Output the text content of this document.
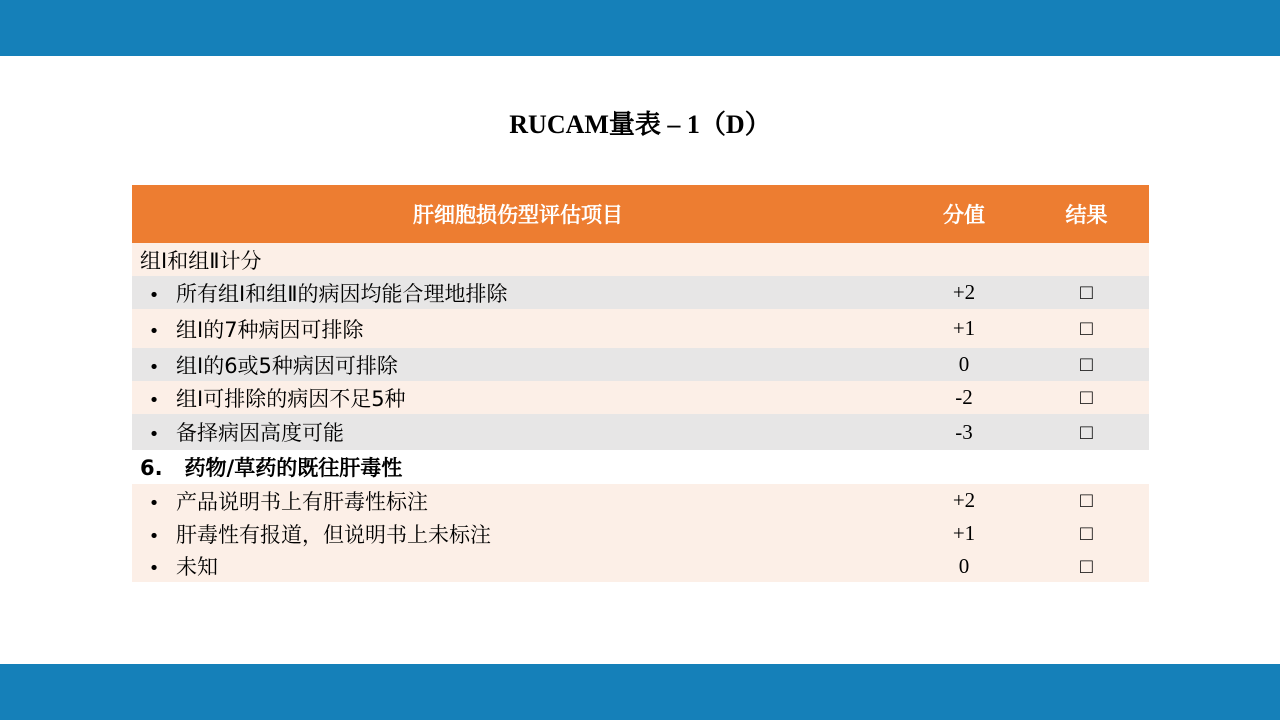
RUCAM量表 – 1（D）
肝细胞损伤型评估项目	分值	结果
组Ⅰ和组Ⅱ计分		
• 所有组Ⅰ和组Ⅱ的病因均能合理地排除	+2	□
• 组Ⅰ的7种病因可排除	+1	□
• 组Ⅰ的6或5种病因可排除	0	□
• 组Ⅰ可排除的病因不足5种	-2	□
• 备择病因高度可能	-3	□
6.   药物/草药的既往肝毒性		
• 产品说明书上有肝毒性标注	+2	□
• 肝毒性有报道，但说明书上未标注	+1	□
• 未知	0	□
